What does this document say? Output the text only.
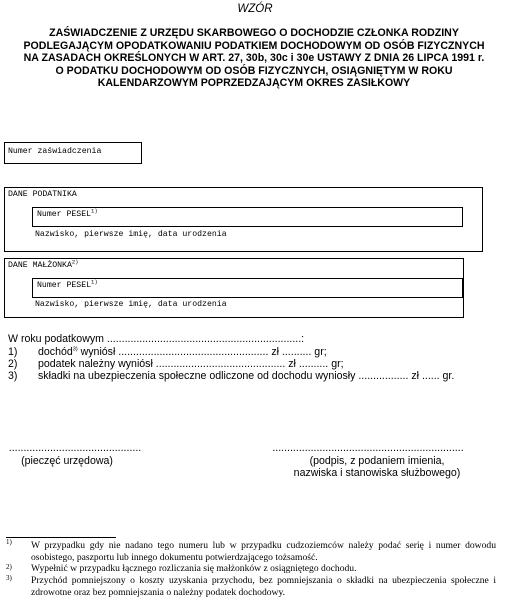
WZÓR
ZAŚWIADCZENIE Z URZĘDU SKARBOWEGO O DOCHODZIE CZŁONKA RODZINY
PODLEGAJĄCYM OPODATKOWANIU PODATKIEM DOCHODOWYM OD OSÓB FIZYCZNYCH
NA ZASADACH OKREŚLONYCH W ART. 27, 30b, 30c i 30e USTAWY Z DNIA 26 LIPCA 1991 r.
O PODATKU DOCHODOWYM OD OSÓB FIZYCZNYCH, OSIĄGNIĘTYM W ROKU
KALENDARZOWYM POPRZEDZAJĄCYM OKRES ZASIŁKOWY
Numer zaświadczenia
DANE PODATNIKA
Numer PESEL$^{1)}$
Nazwisko, pierwsze imię, data urodzenia
DANE MAŁŻONKA$^{2)}$
Numer PESEL$^{1)}$
Nazwisko, pierwsze imię, data urodzenia
W roku podatkowym ..................................................................:
1) dochód$^{3)}$ wyniósł ................................................... zł .......... gr;
2) podatek należny wyniósł ............................................ zł .......... gr;
3) składki na ubezpieczenia społeczne odliczone od dochodu wyniosły ................. zł ...... gr.
.............................................
(pieczęć urzędowa)
.................................................................
(podpis, z podaniem imienia,
nazwiska i stanowiska służbowego)
1) W przypadku gdy nie nadano tego numeru lub w przypadku cudzoziemców należy podać serię i numer dowodu osobistego, paszportu lub innego dokumentu potwierdzającego tożsamość.
2) Wypełnić w przypadku łącznego rozliczania się małżonków z osiągniętego dochodu.
3) Przychód pomniejszony o koszty uzyskania przychodu, bez pomniejszania o składki na ubezpieczenia społeczne i zdrowotne oraz bez pomniejszania o należny podatek dochodowy.
